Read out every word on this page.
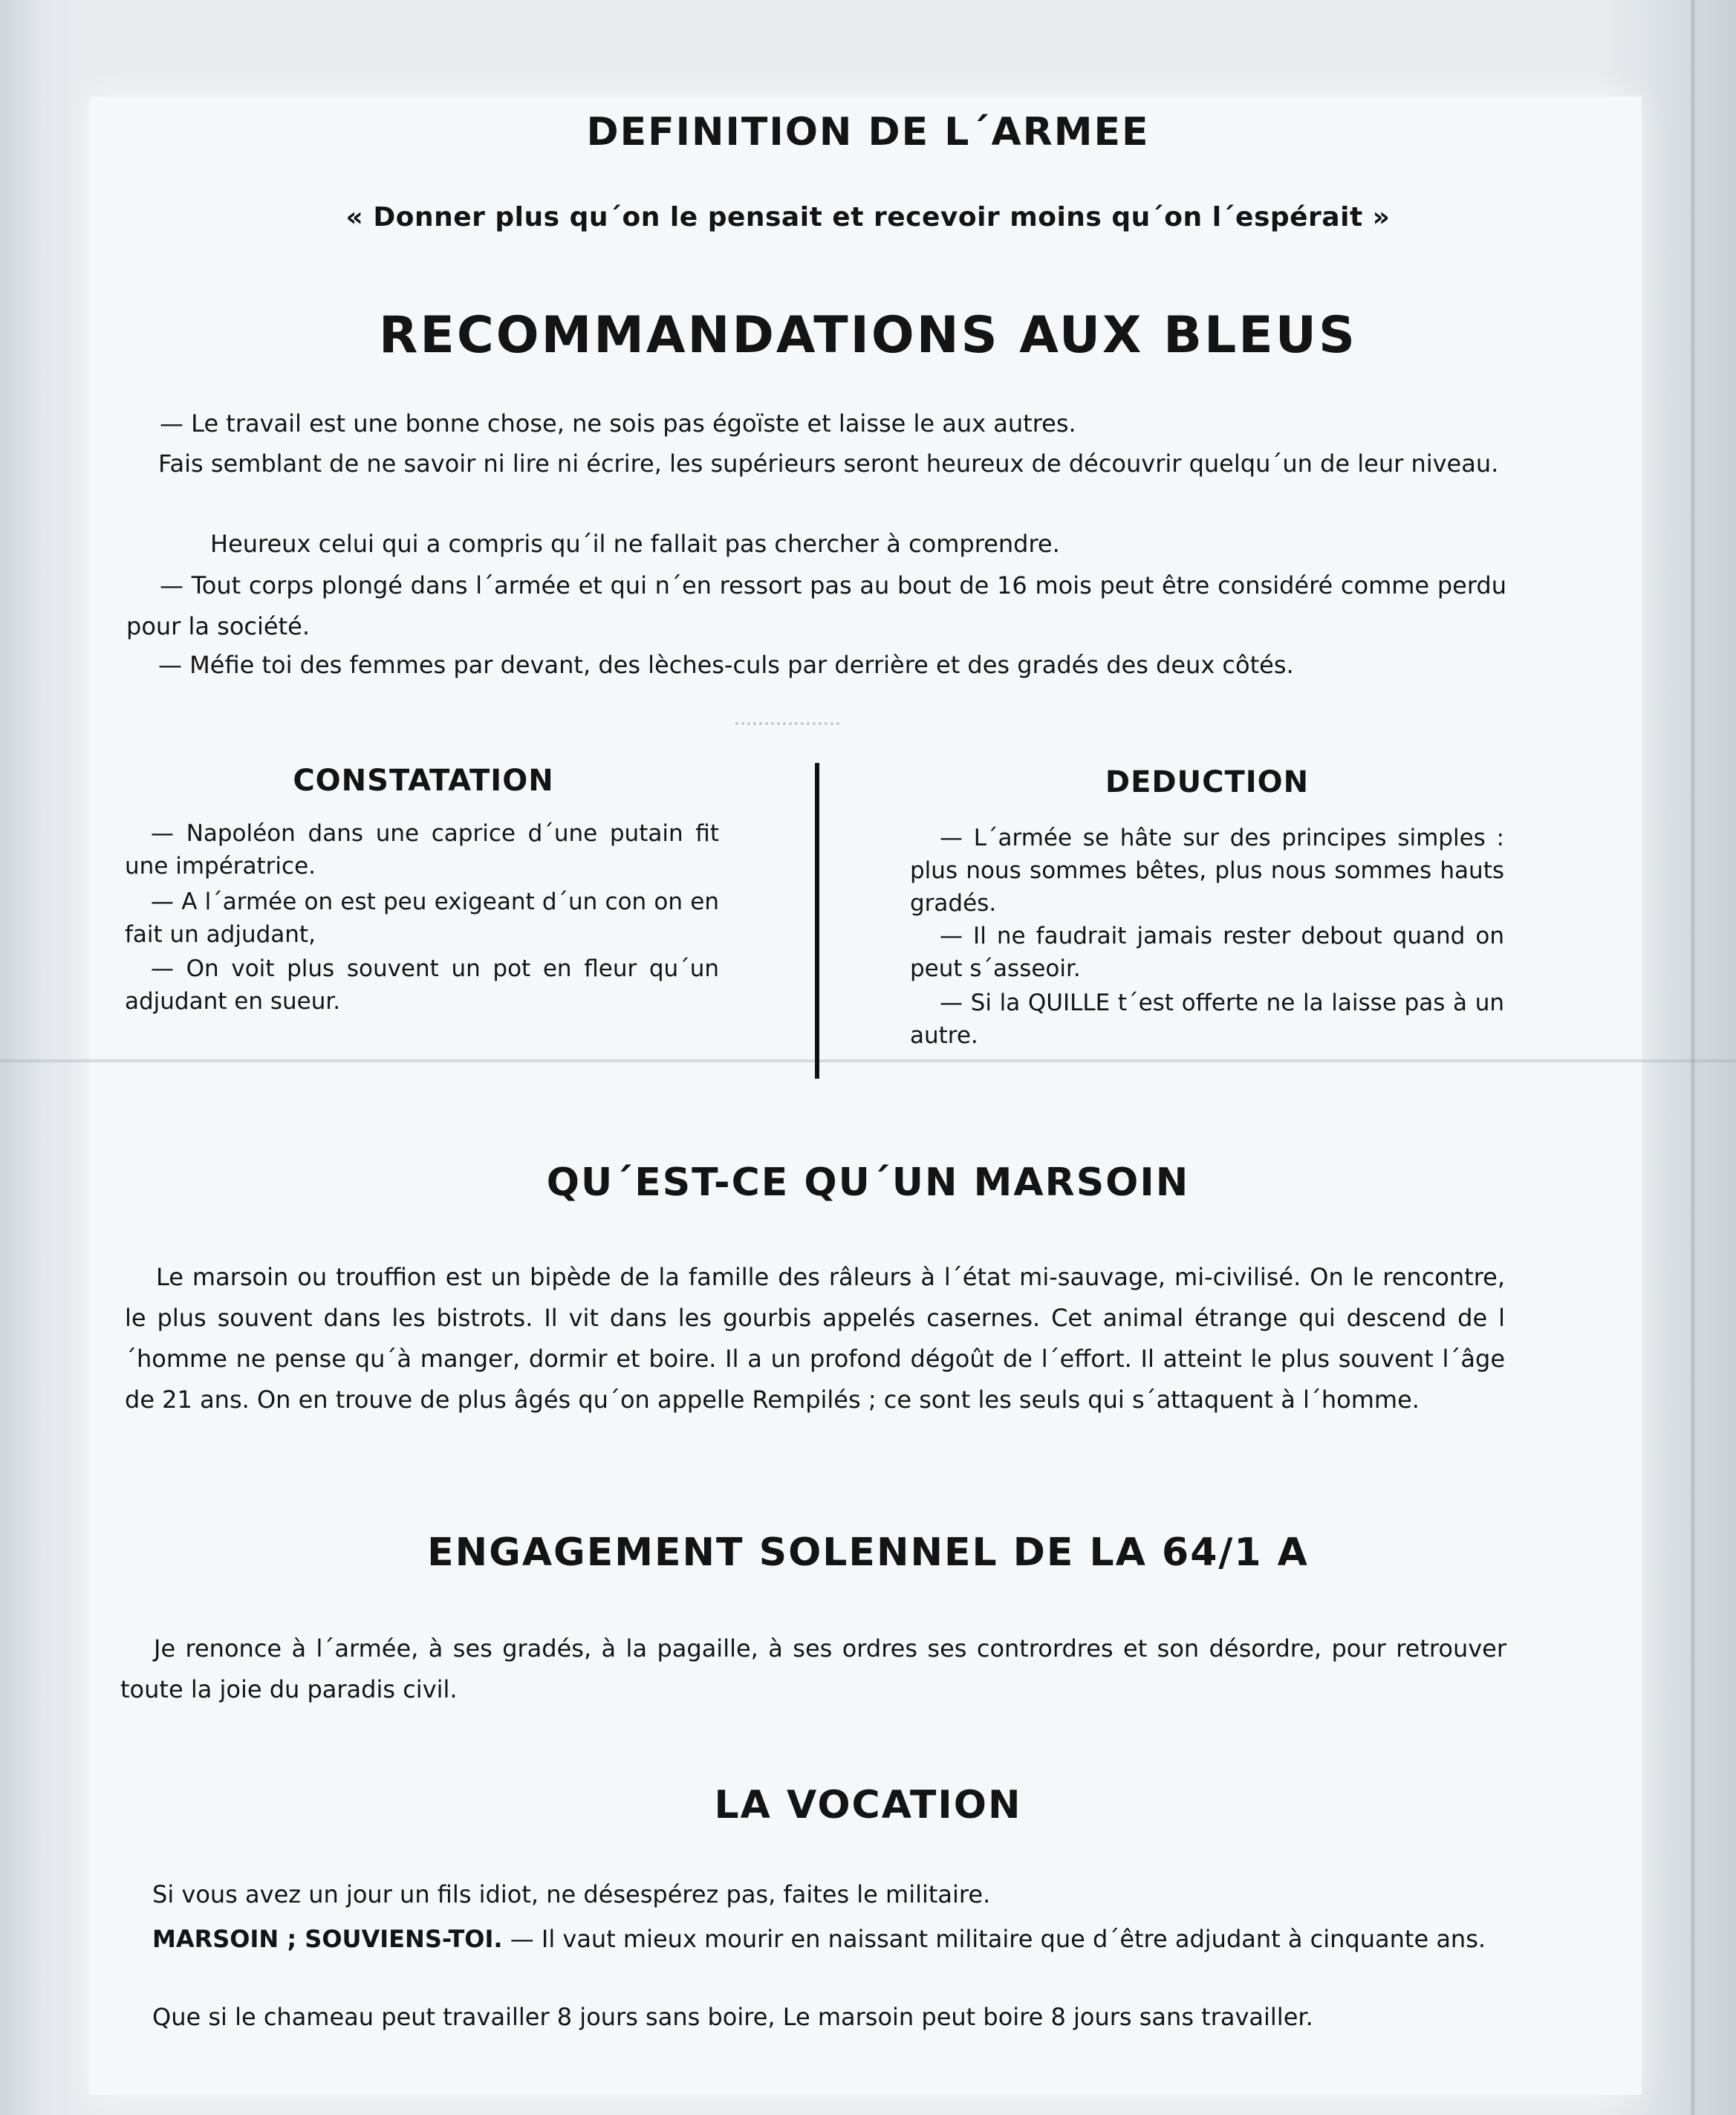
DEFINITION DE L´ARMEE

« Donner plus qu´on le pensait et recevoir moins qu´on l´espérait »

RECOMMANDATIONS AUX BLEUS

— Le travail est une bonne chose, ne sois pas égoïste et laisse le aux autres.

Fais semblant de ne savoir ni lire ni écrire, les supérieurs seront heureux de découvrir quelqu´un de leur niveau.

Heureux celui qui a compris qu´il ne fallait pas chercher à comprendre.

— Tout corps plongé dans l´armée et qui n´en ressort pas au bout de 16 mois peut être considéré comme perdu pour la société.

— Méfie toi des femmes par devant, des lèches-culs par derrière et des gradés des deux côtés.

CONSTATATION

— Napoléon dans une caprice d´une putain fit une impératrice.

— A l´armée on est peu exigeant d´un con on en fait un adjudant,

— On voit plus souvent un pot en fleur qu´un adjudant en sueur.

DEDUCTION

— L´armée se hâte sur des principes simples : plus nous sommes bêtes, plus nous sommes hauts gradés.

— Il ne faudrait jamais rester debout quand on peut s´asseoir.

— Si la QUILLE t´est offerte ne la laisse pas à un autre.

QU´EST-CE QU´UN MARSOIN

Le marsoin ou trouffion est un bipède de la famille des râleurs à l´état mi-sauvage, mi-civilisé. On le rencontre, le plus souvent dans les bistrots. Il vit dans les gourbis appelés casernes. Cet animal étrange qui descend de l´homme ne pense qu´à manger, dormir et boire. Il a un profond dégoût de l´effort. Il atteint le plus souvent l´âge de 21 ans. On en trouve de plus âgés qu´on appelle Rempilés ; ce sont les seuls qui s´attaquent à l´homme.

ENGAGEMENT SOLENNEL DE LA 64/1 A

Je renonce à l´armée, à ses gradés, à la pagaille, à ses ordres ses contrordres et son désordre, pour retrouver toute la joie du paradis civil.

LA VOCATION

Si vous avez un jour un fils idiot, ne désespérez pas, faites le militaire.

MARSOIN ; SOUVIENS-TOI. — Il vaut mieux mourir en naissant militaire que d´être adjudant à cinquante ans.

Que si le chameau peut travailler 8 jours sans boire, Le marsoin peut boire 8 jours sans travailler.
